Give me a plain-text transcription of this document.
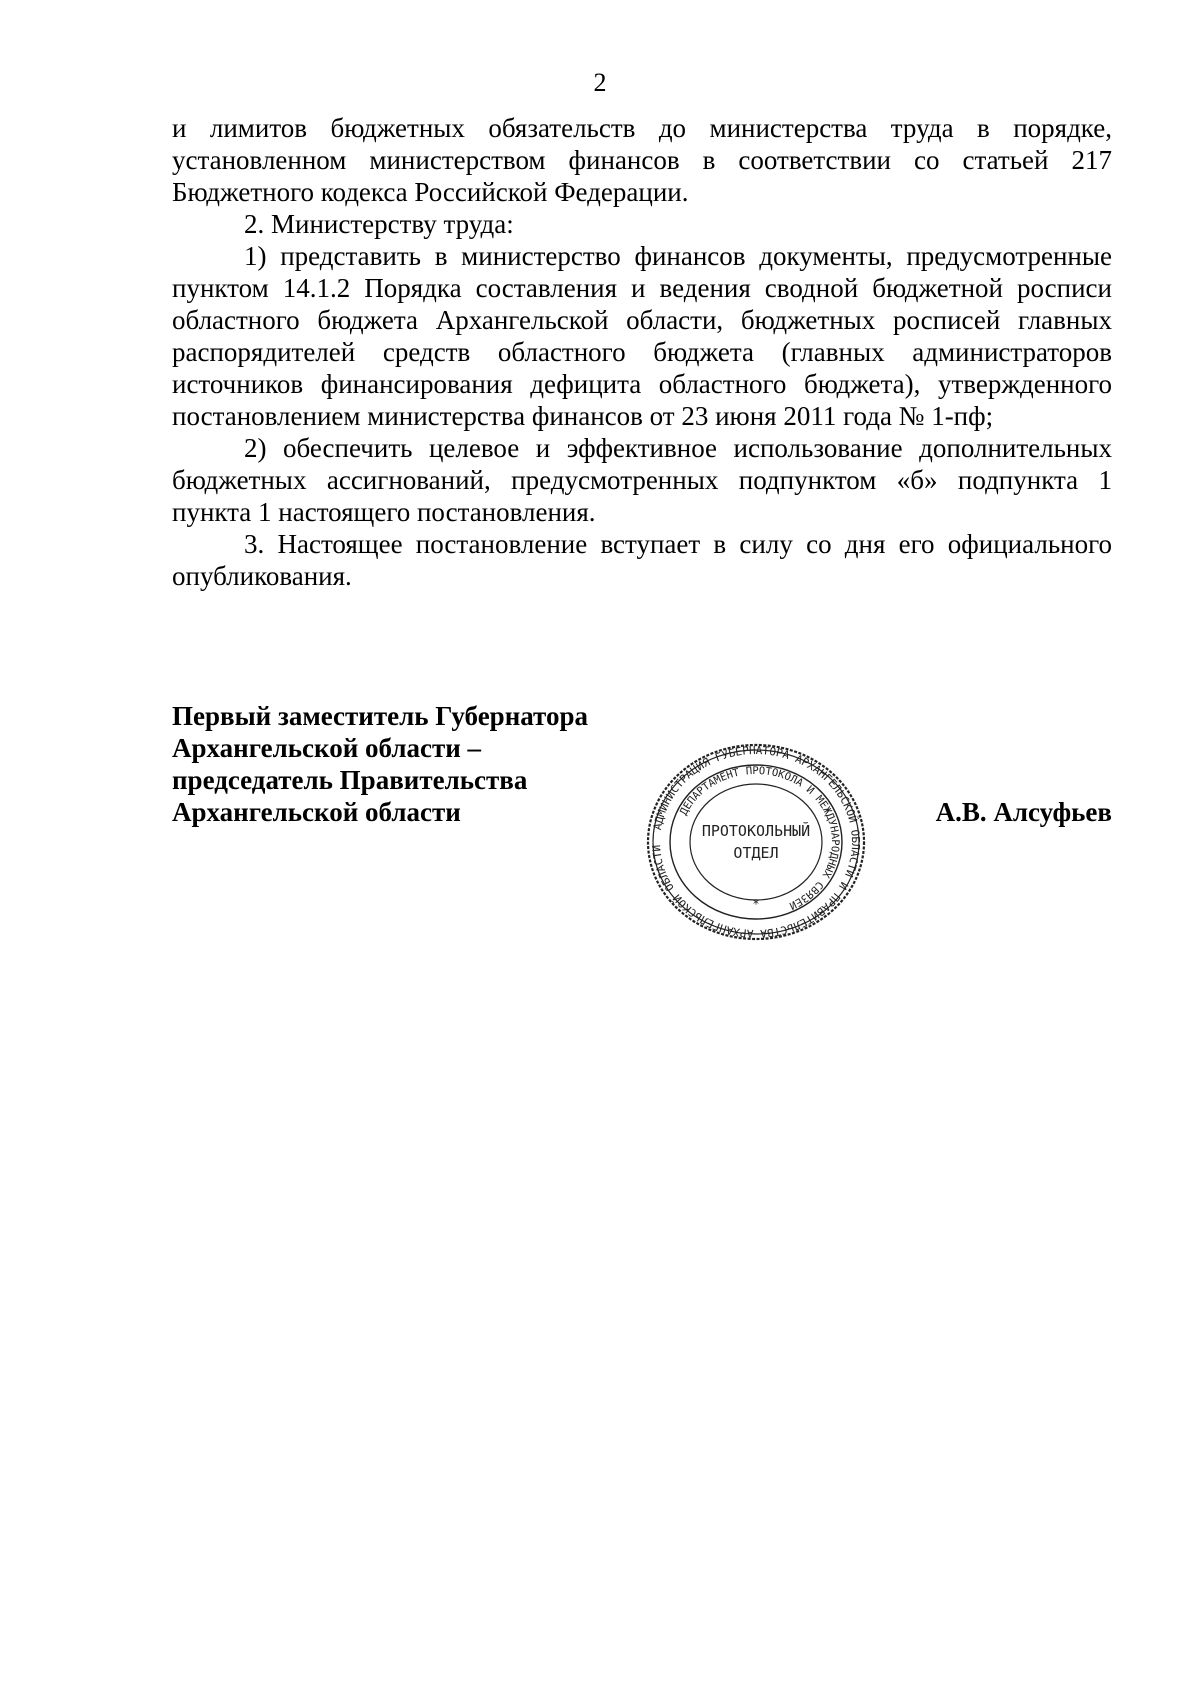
2

и лимитов бюджетных обязательств до министерства труда в порядке, установленном министерством финансов в соответствии со статьей 217 Бюджетного кодекса Российской Федерации.

2. Министерству труда:

1) представить в министерство финансов документы, предусмотренные пунктом 14.1.2 Порядка составления и ведения сводной бюджетной росписи областного бюджета Архангельской области, бюджетных росписей главных распорядителей средств областного бюджета (главных администраторов источников финансирования дефицита областного бюджета), утвержденного постановлением министерства финансов от 23 июня 2011 года № 1-пф;

2) обеспечить целевое и эффективное использование дополнительных бюджетных ассигнований, предусмотренных подпунктом «б» подпункта 1 пункта 1 настоящего постановления.

3. Настоящее постановление вступает в силу со дня его официального опубликования.

Первый заместитель Губернатора
Архангельской области –
председатель Правительства
Архангельской области	А.В. Алсуфьев
АДМИНИСТРАЦИЯ ГУБЕРНАТОРА АРХАНГЕЛЬСКОЙ ОБЛАСТИ И ПРАВИТЕЛЬСТВА АРХАНГЕЛЬСКОЙ ОБЛАСТИ
ДЕПАРТАМЕНТ ПРОТОКОЛА И МЕЖДУНАРОДНЫХ СВЯЗЕЙ
ПРОТОКОЛЬНЫЙ
ОТДЕЛ
*
